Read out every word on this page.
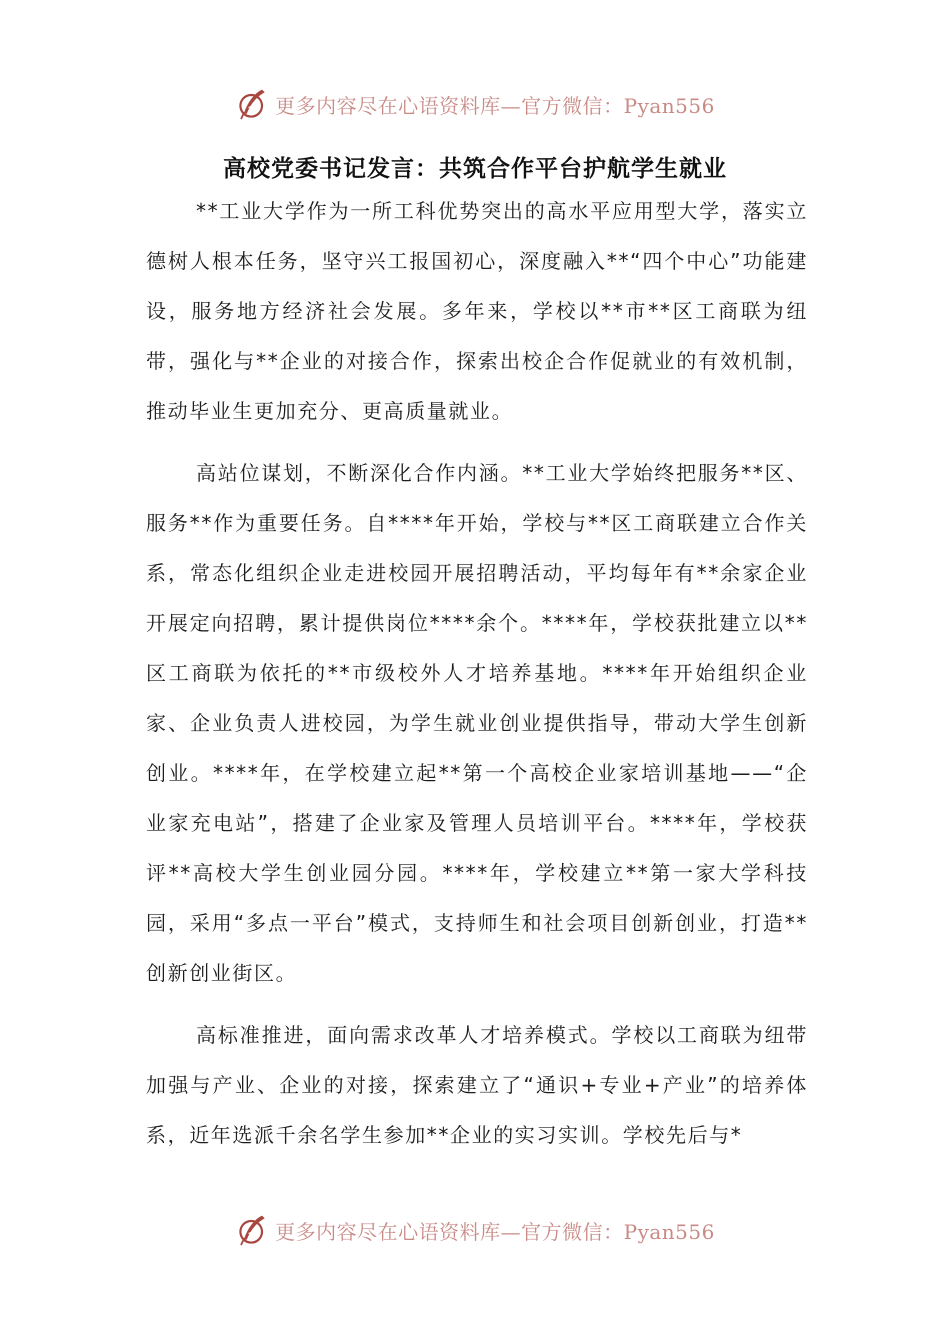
更多内容尽在心语资料库—官方微信：Pyan556
高校党委书记发言：共筑合作平台护航学生就业

**工业大学作为一所工科优势突出的高水平应用型大学，落实立德树人根本任务，坚守兴工报国初心，深度融入**“四个中心”功能建设，服务地方经济社会发展。多年来，学校以**市**区工商联为纽带，强化与**企业的对接合作，探索出校企合作促就业的有效机制，推动毕业生更加充分、更高质量就业。

高站位谋划，不断深化合作内涵。**工业大学始终把服务**区、服务**作为重要任务。自****年开始，学校与**区工商联建立合作关系，常态化组织企业走进校园开展招聘活动，平均每年有**余家企业开展定向招聘，累计提供岗位****余个。****年，学校获批建立以**区工商联为依托的**市级校外人才培养基地。****年开始组织企业家、企业负责人进校园，为学生就业创业提供指导，带动大学生创新创业。****年，在学校建立起**第一个高校企业家培训基地——“企业家充电站”，搭建了企业家及管理人员培训平台。****年，学校获评**高校大学生创业园分园。****年，学校建立**第一家大学科技园，采用“多点一平台”模式，支持师生和社会项目创新创业，打造**创新创业街区。

高标准推进，面向需求改革人才培养模式。学校以工商联为纽带加强与产业、企业的对接，探索建立了“通识+专业+产业”的培养体系，近年选派千余名学生参加**企业的实习实训。学校先后与*

更多内容尽在心语资料库—官方微信：Pyan556
